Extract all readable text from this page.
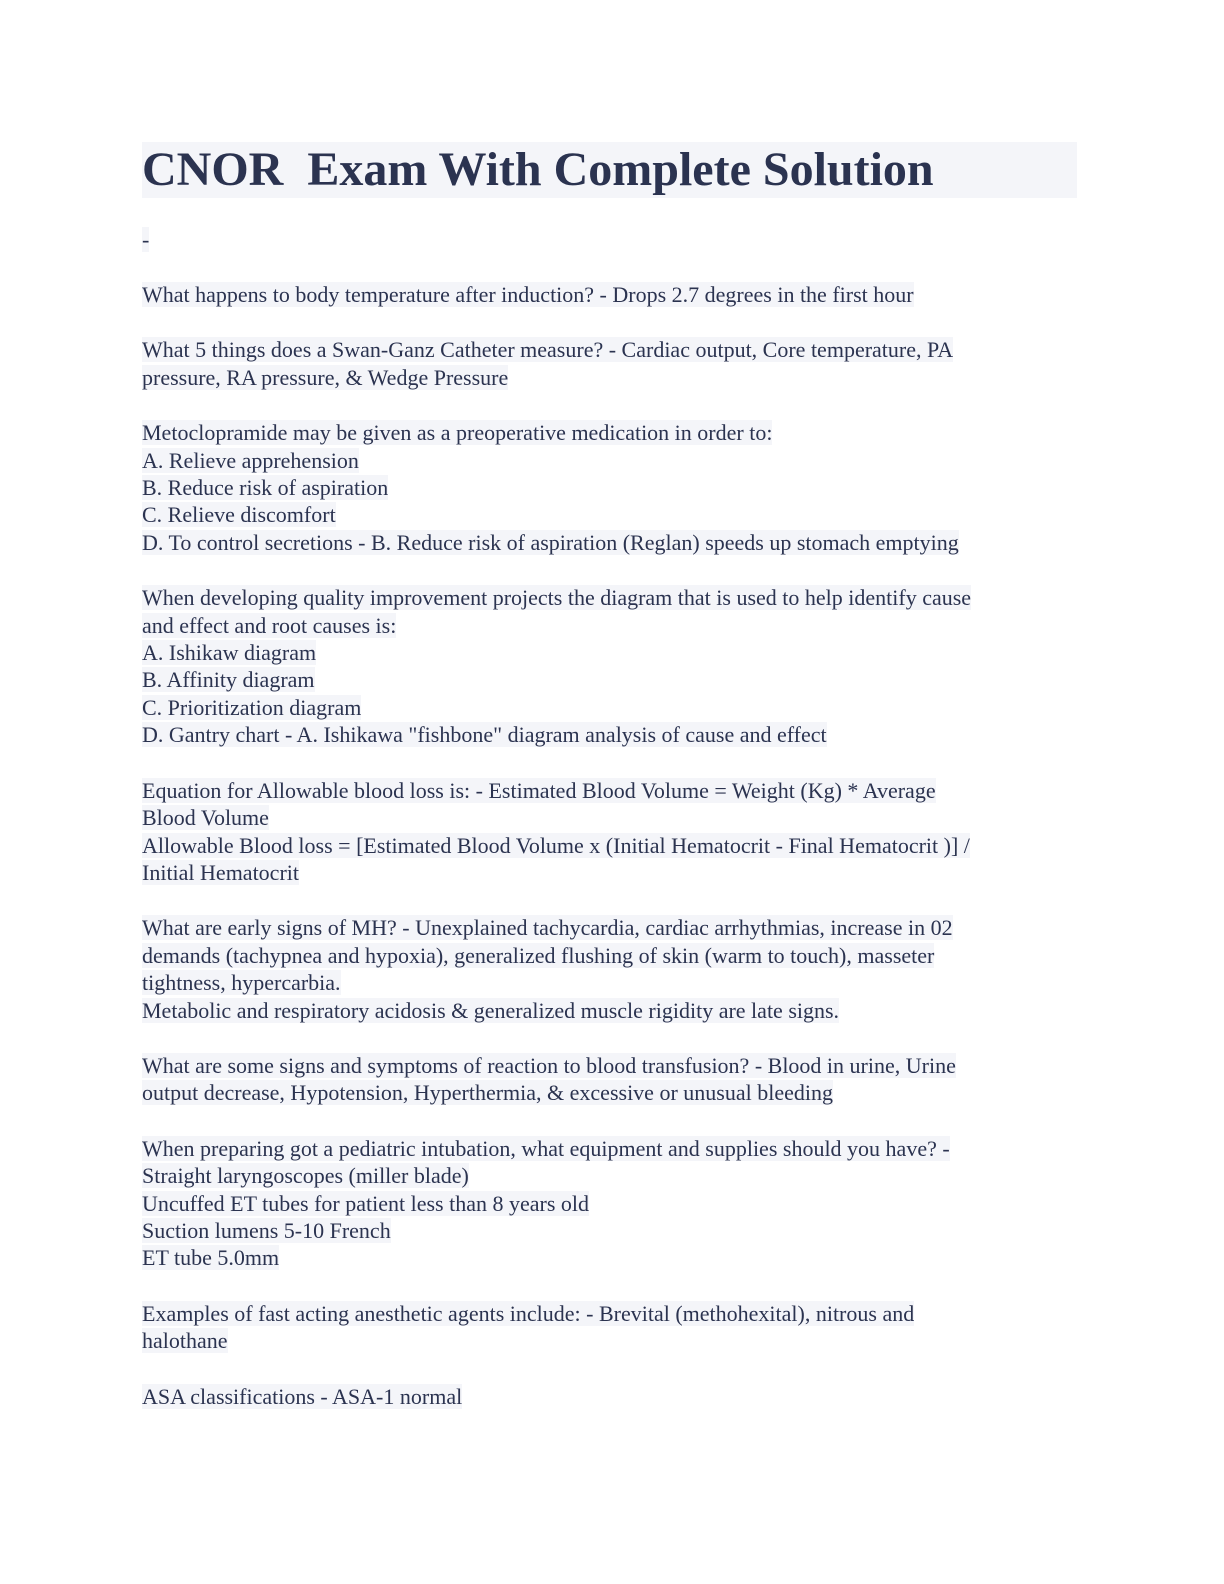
CNOR  Exam With Complete Solution
-
What happens to body temperature after induction? - Drops 2.7 degrees in the first hour
What 5 things does a Swan-Ganz Catheter measure? - Cardiac output, Core temperature, PA
pressure, RA pressure, & Wedge Pressure
Metoclopramide may be given as a preoperative medication in order to:
A. Relieve apprehension
B. Reduce risk of aspiration
C. Relieve discomfort
D. To control secretions - B. Reduce risk of aspiration (Reglan) speeds up stomach emptying
When developing quality improvement projects the diagram that is used to help identify cause
and effect and root causes is:
A. Ishikaw diagram
B. Affinity diagram
C. Prioritization diagram
D. Gantry chart - A. Ishikawa "fishbone" diagram analysis of cause and effect
Equation for Allowable blood loss is: - Estimated Blood Volume = Weight (Kg) * Average
Blood Volume
Allowable Blood loss = [Estimated Blood Volume x (Initial Hematocrit - Final Hematocrit )] /
Initial Hematocrit
What are early signs of MH? - Unexplained tachycardia, cardiac arrhythmias, increase in 02
demands (tachypnea and hypoxia), generalized flushing of skin (warm to touch), masseter
tightness, hypercarbia.
Metabolic and respiratory acidosis & generalized muscle rigidity are late signs.
What are some signs and symptoms of reaction to blood transfusion? - Blood in urine, Urine
output decrease, Hypotension, Hyperthermia, & excessive or unusual bleeding
When preparing got a pediatric intubation, what equipment and supplies should you have? -
Straight laryngoscopes (miller blade)
Uncuffed ET tubes for patient less than 8 years old
Suction lumens 5-10 French
ET tube 5.0mm
Examples of fast acting anesthetic agents include: - Brevital (methohexital), nitrous and
halothane
ASA classifications - ASA-1 normal
